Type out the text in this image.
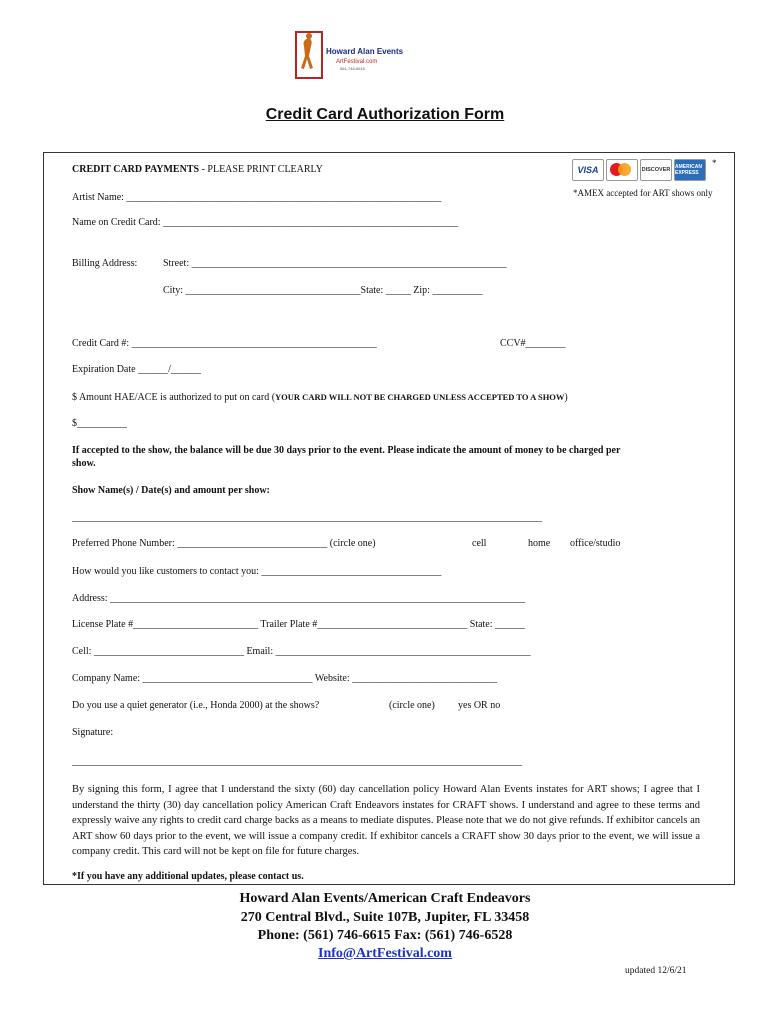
Howard Alan Events
ArtFestival.com
561-746-6615
Credit Card Authorization Form
CREDIT CARD PAYMENTS - PLEASE PRINT CLEARLY	VISA	DISCOVER AMERICAN EXPRESS
*
*AMEX accepted for ART shows only
Artist Name: _______________________________________________________________
Name on Credit Card: ___________________________________________________________
Billing Address:	Street: _______________________________________________________________
City: ___________________________________State: _____ Zip: __________
Credit Card #: _________________________________________________	CCV#________
Expiration Date ______/______
$ Amount HAE/ACE is authorized to put on card (YOUR CARD WILL NOT BE CHARGED UNLESS ACCEPTED TO A SHOW)
$__________
If accepted to the show, the balance will be due 30 days prior to the event. Please indicate the amount of money to be charged per
show.
Show Name(s) / Date(s) and amount per show:
______________________________________________________________________________________________
Preferred Phone Number: ______________________________ (circle one)	cell	home office/studio
How would you like customers to contact you: ____________________________________
Address: ___________________________________________________________________________________
License Plate #_________________________ Trailer Plate #______________________________ State: ______
Cell: ______________________________ Email: ___________________________________________________
Company Name: __________________________________ Website: _____________________________
Do you use a quiet generator (i.e., Honda 2000) at the shows?	(circle one) yes OR no
Signature:
__________________________________________________________________________________________
By signing this form, I agree that I understand the sixty (60) day cancellation policy Howard Alan Events instates for ART shows; I agree that I understand the thirty (30) day cancellation policy American Craft Endeavors instates for CRAFT shows. I understand and agree to these terms and expressly waive any rights to credit card charge backs as a means to mediate disputes. Please note that we do not give refunds. If exhibitor cancels an ART show 60 days prior to the event, we will issue a company credit. If exhibitor cancels a CRAFT show 30 days prior to the event, we will issue a company credit. This card will not be kept on file for future charges.
*If you have any additional updates, please contact us.
Howard Alan Events/American Craft Endeavors
270 Central Blvd., Suite 107B, Jupiter, FL 33458
Phone: (561) 746-6615 Fax: (561) 746-6528
Info@ArtFestival.com
updated 12/6/21
